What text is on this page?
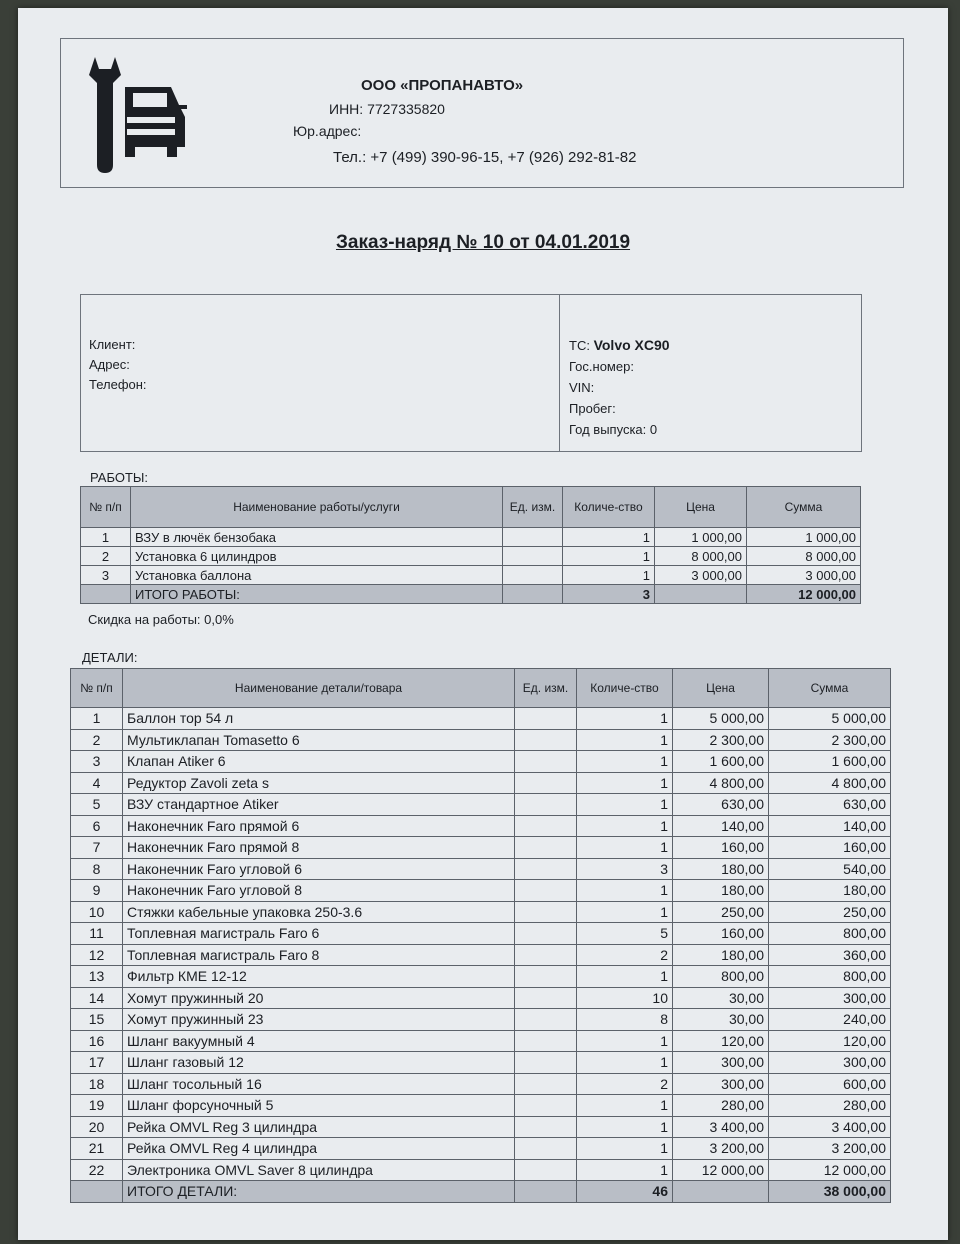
ООО «ПРОПАНАВТО»
ИНН: 7727335820
Юр.адрес:
Тел.: +7 (499) 390-96-15, +7 (926) 292-81-82
Заказ-наряд № 10 от 04.01.2019
Клиент:
Адрес:
Телефон:
ТС: Volvo XC90
Гос.номер:
VIN:
Пробег:
Год выпуска: 0
РАБОТЫ:
№ п/п	Наименование работы/услуги	Ед. изм.	Количе-ство	Цена	Сумма
1	ВЗУ в лючёк бензобака		1	1 000,00	1 000,00
2	Установка 6 цилиндров		1	8 000,00	8 000,00
3	Установка баллона		1	3 000,00	3 000,00
	ИТОГО РАБОТЫ:		3		12 000,00
Скидка на работы: 0,0%
ДЕТАЛИ:
№ п/п	Наименование детали/товара	Ед. изм.	Количе-ство	Цена	Сумма
1	Баллон тор 54 л		1	5 000,00	5 000,00
2	Мультиклапан Tomasetto 6		1	2 300,00	2 300,00
3	Клапан Atiker 6		1	1 600,00	1 600,00
4	Редуктор Zavoli zeta s		1	4 800,00	4 800,00
5	ВЗУ стандартное Atiker		1	630,00	630,00
6	Наконечник Faro прямой 6		1	140,00	140,00
7	Наконечник Faro прямой 8		1	160,00	160,00
8	Наконечник Faro угловой 6		3	180,00	540,00
9	Наконечник Faro угловой 8		1	180,00	180,00
10	Стяжки кабельные упаковка 250-3.6		1	250,00	250,00
11	Топлевная магистраль Faro 6		5	160,00	800,00
12	Топлевная магистраль Faro 8		2	180,00	360,00
13	Фильтр КМЕ 12-12		1	800,00	800,00
14	Хомут пружинный 20		10	30,00	300,00
15	Хомут пружинный 23		8	30,00	240,00
16	Шланг вакуумный 4		1	120,00	120,00
17	Шланг газовый 12		1	300,00	300,00
18	Шланг тосольный 16		2	300,00	600,00
19	Шланг форсуночный 5		1	280,00	280,00
20	Рейка OMVL Reg 3 цилиндра		1	3 400,00	3 400,00
21	Рейка OMVL Reg 4 цилиндра		1	3 200,00	3 200,00
22	Электроника OMVL Saver 8 цилиндра		1	12 000,00	12 000,00
	ИТОГО ДЕТАЛИ:		46		38 000,00
